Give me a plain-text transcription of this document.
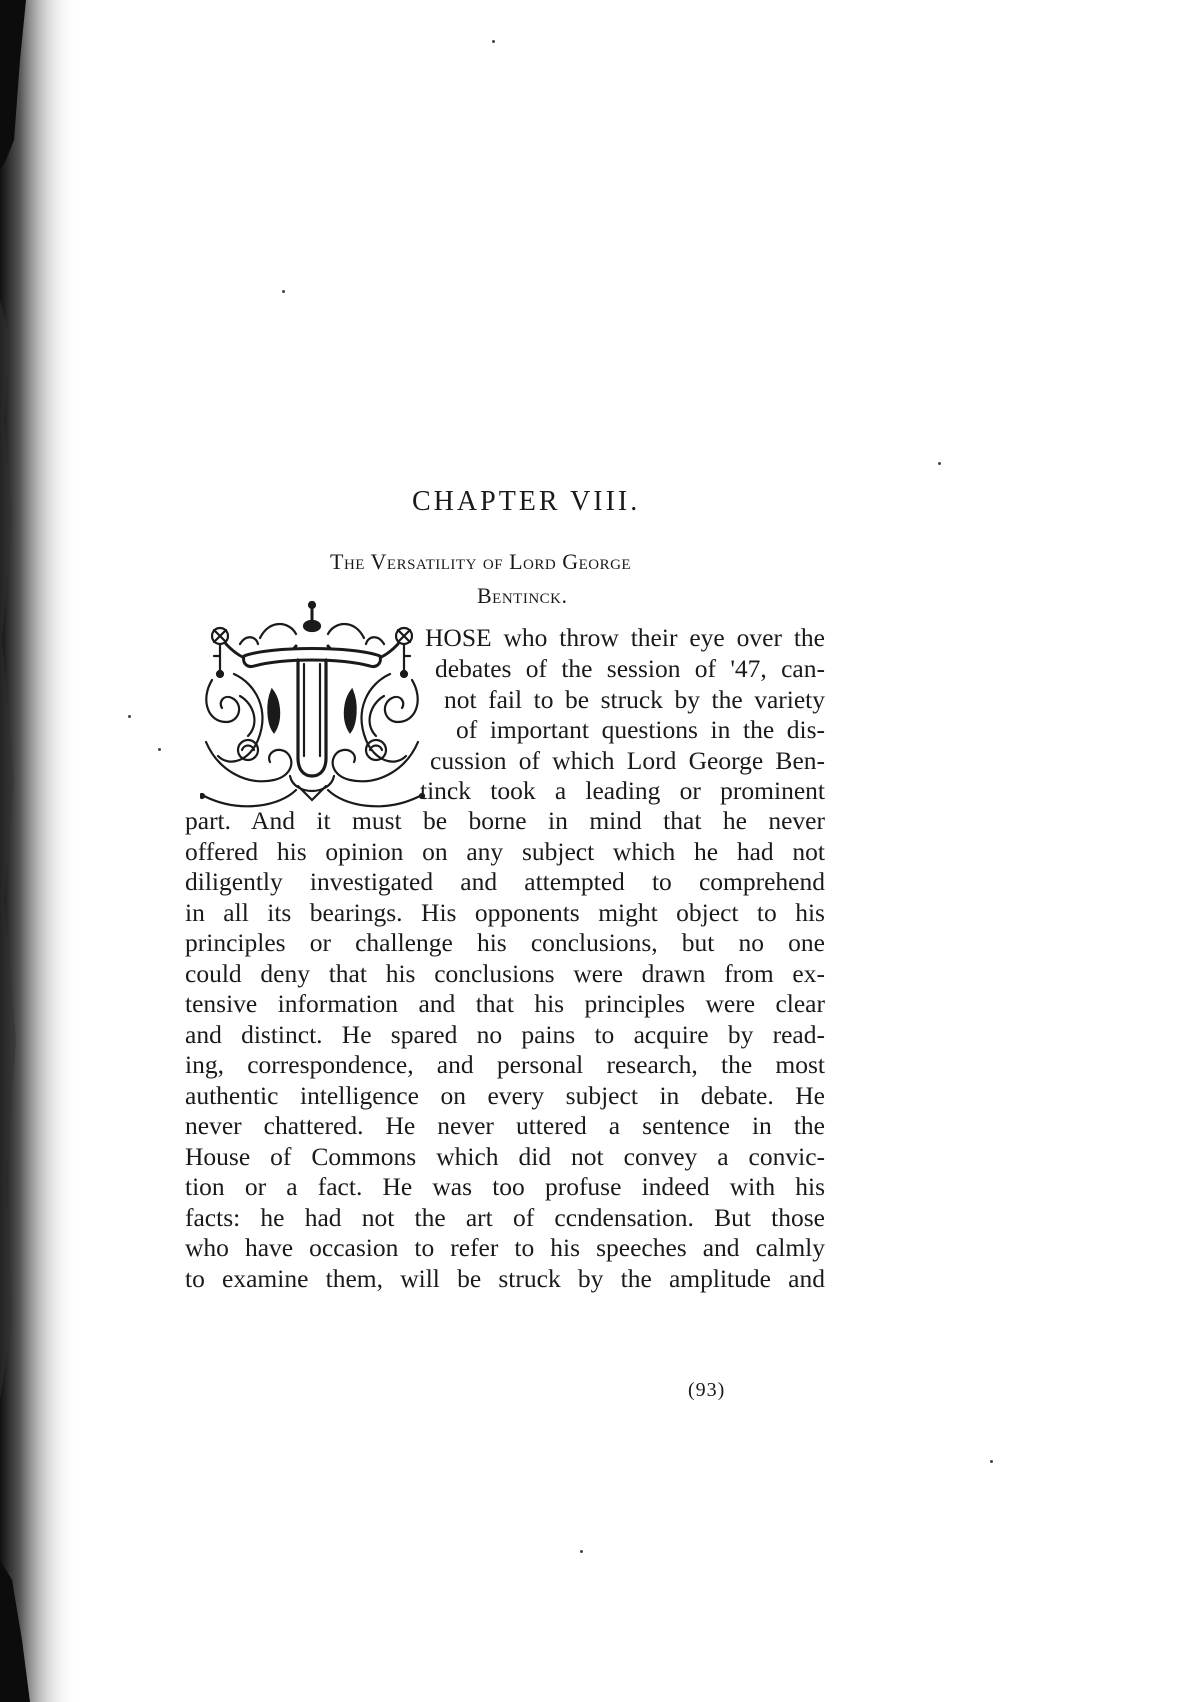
CHAPTER VIII.
The Versatility of Lord George
Bentinck.
HOSE who throw their eye over the
debates of the session of '47, can-
not fail to be struck by the variety
of important questions in the dis-
cussion of which Lord George Ben-
tinck took a leading or prominent
part. And it must be borne in mind that he never
offered his opinion on any subject which he had not
diligently investigated and attempted to comprehend
in all its bearings. His opponents might object to his
principles or challenge his conclusions, but no one
could deny that his conclusions were drawn from ex-
tensive information and that his principles were clear
and distinct. He spared no pains to acquire by read-
ing, correspondence, and personal research, the most
authentic intelligence on every subject in debate. He
never chattered. He never uttered a sentence in the
House of Commons which did not convey a convic-
tion or a fact. He was too profuse indeed with his
facts: he had not the art of ccndensation. But those
who have occasion to refer to his speeches and calmly
to examine them, will be struck by the amplitude and
(93)
